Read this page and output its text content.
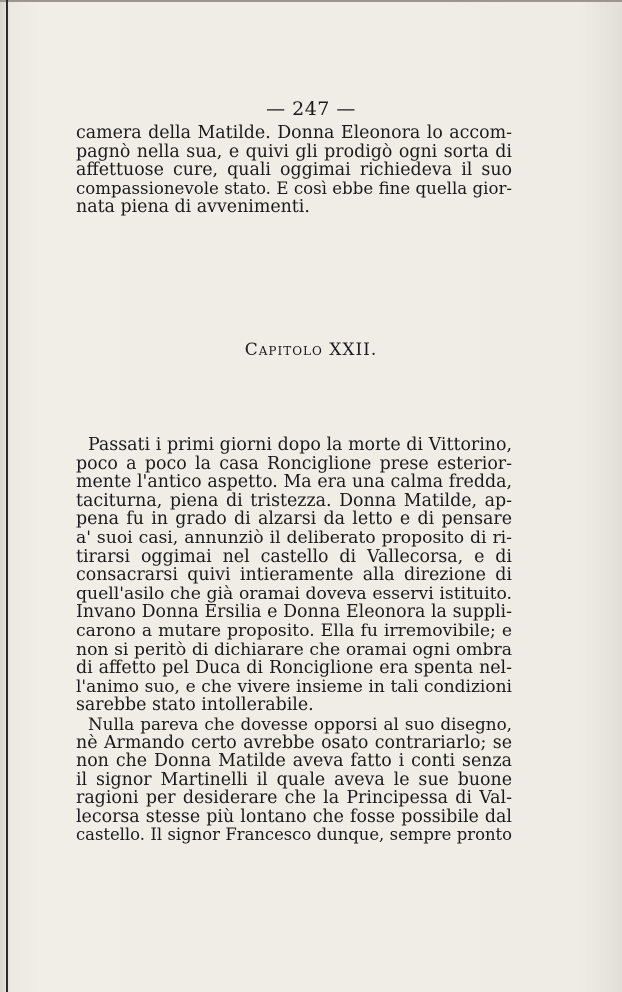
— 247 —
camera della Matilde. Donna Eleonora lo accom-
pagnò nella sua, e quivi gli prodigò ogni sorta di
affettuose cure, quali oggimai richiedeva il suo
compassionevole stato. E così ebbe fine quella gior-
nata piena di avvenimenti.
Capitolo XXII.
Passati i primi giorni dopo la morte di Vittorino,
poco a poco la casa Ronciglione prese esterior-
mente l'antico aspetto. Ma era una calma fredda,
taciturna, piena di tristezza. Donna Matilde, ap-
pena fu in grado di alzarsi da letto e di pensare
a' suoi casi, annunziò il deliberato proposito di ri-
tirarsi oggimai nel castello di Vallecorsa, e di
consacrarsi quivi intieramente alla direzione di
quell'asilo che già oramai doveva esservi istituito.
Invano Donna Ersilia e Donna Eleonora la suppli-
carono a mutare proposito. Ella fu irremovibile; e
non si peritò di dichiarare che oramai ogni ombra
di affetto pel Duca di Ronciglione era spenta nel-
l'animo suo, e che vivere insieme in tali condizioni
sarebbe stato intollerabile.
Nulla pareva che dovesse opporsi al suo disegno,
nè Armando certo avrebbe osato contrariarlo; se
non che Donna Matilde aveva fatto i conti senza
il signor Martinelli il quale aveva le sue buone
ragioni per desiderare che la Principessa di Val-
lecorsa stesse più lontano che fosse possibile dal
castello. Il signor Francesco dunque, sempre pronto
